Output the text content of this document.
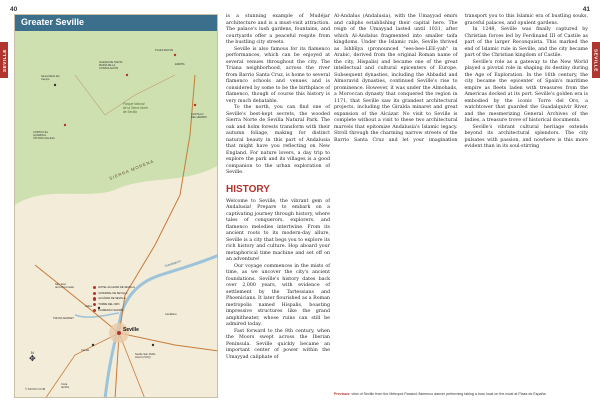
40	41
SEVILLE	SEVILLE
Parque Natural de la Sierra Norte de Sevilla
SIERRA MORENA
Guadalquivir
Seville
PLAZA MAYOR
IGLESIA DE SANTA MARÍA DE LA CONSOLACIÓN
ERMITA
CASTILLO DEL HIERRO
CORTIJO EL GUARDIAL VÍCTOR CALLEJA
Santa María del Campo
Itálica
Camas
Seville San Pablo Airport (SVQ)
San José de la Rinconada
TRIANA MARKET
Coria del Río
Cantillana
Greater Seville
HOTEL ALCAZAR DE SEVILLA
CATEDRAL DE SEVILLA
ALCÁZAR DE SEVILLA
TORRE DEL ORO
FLAMENCO SHOWS
N
✥
© MOON.COM

is a stunning example of Mudéjar architecture and is a must-visit attraction. The palace's lush gardens, fountains, and courtyards offer a peaceful respite from the bustling city streets.

Seville is also famous for its flamenco performances, which can be enjoyed at several venues throughout the city. The Triana neighborhood, across the river from Barrio Santa Cruz, is home to several flamenco schools and venues and is considered by some to be the birthplace of flamenco, though of course this history is very much debatable.

To the north, you can find one of Seville's best-kept secrets, the wooded Sierra Norte de Sevilla Natural Park. The oak and holm forests transform with their autumn foliage, making for distinct natural beauty in this part of Andalusia that might have you reflecting on New England. For nature lovers, a day trip to explore the park and its villages is a good companion to the urban exploration of Seville.

HISTORY

Welcome to Seville, the vibrant gem of Andalusia! Prepare to embark on a captivating journey through history, where tales of conquerors, explorers, and flamenco melodies intertwine. From its ancient roots to its modern-day allure, Seville is a city that begs you to explore its rich history and culture. Hop aboard your metaphorical time machine and set off on an adventure!

Our voyage commences in the mists of time, as we uncover the city's ancient foundations. Seville's history dates back over 2,000 years, with evidence of settlement by the Tartessians and Phoenicians. It later flourished as a Roman metropolis named Hispalis, boasting impressive structures like the grand amphitheater, whose ruins can still be admired today.

Fast forward to the 8th century, when the Moors swept across the Iberian Peninsula. Seville quickly became an important center of power within the Umayyad caliphate of

Al-Andalus (Andalusia), with the Umayyad emirs and caliphs establishing their capital here. The reign of the Umayyad lasted until 1031, after which Al-Andalus fragmented into smaller taifa kingdoms. Under the Islamic rule, Seville thrived as Ishbīlya (pronounced "ees-bee-LEE-yah" in Arabic, derived from the original Roman name of the city, Hispalis) and became one of the great intellectual and cultural epicenters of Europe. Subsequent dynasties, including the Abbadid and Almoravid dynasties, continued Seville's rise to prominence. However, it was under the Almohads, a Moroccan dynasty that conquered the region in 1171, that Seville saw its grandest architectural projects, including the Giralda minaret and great expansion of the Alcázar. No visit to Seville is complete without a visit to these two architectural marvels that epitomize Andalusia's Islamic legacy. Stroll through the charming narrow streets of the Barrio Santa Cruz and let your imagination transport you to this Islamic era of bustling souks, graceful palaces, and opulent gardens.

In 1248, Seville was finally captured by Christian forces led by Ferdinand III of Castile as part of the larger Reconquista. This marked the end of Islamic rule in Seville, and the city became part of the Christian kingdom of Castile.

Seville's role as a gateway to the New World played a pivotal role in shaping its destiny during the Age of Exploration. In the 16th century, the city became the epicenter of Spain's maritime empire as fleets laden with treasures from the Americas docked at its port. Seville's golden era is embodied by the iconic Torre del Oro, a watchtower that guarded the Guadalquivir River, and the mesmerizing General Archives of the Indies, a treasure trove of historical documents.

Seville's vibrant cultural heritage extends beyond its architectural splendors. The city pulsates with passion, and nowhere is this more evident than in its soul-stirring

Previous: view of Seville from the Metropol Parasol; flamenco dancer performing taking a bow; boat on the moat at Plaza de España.
